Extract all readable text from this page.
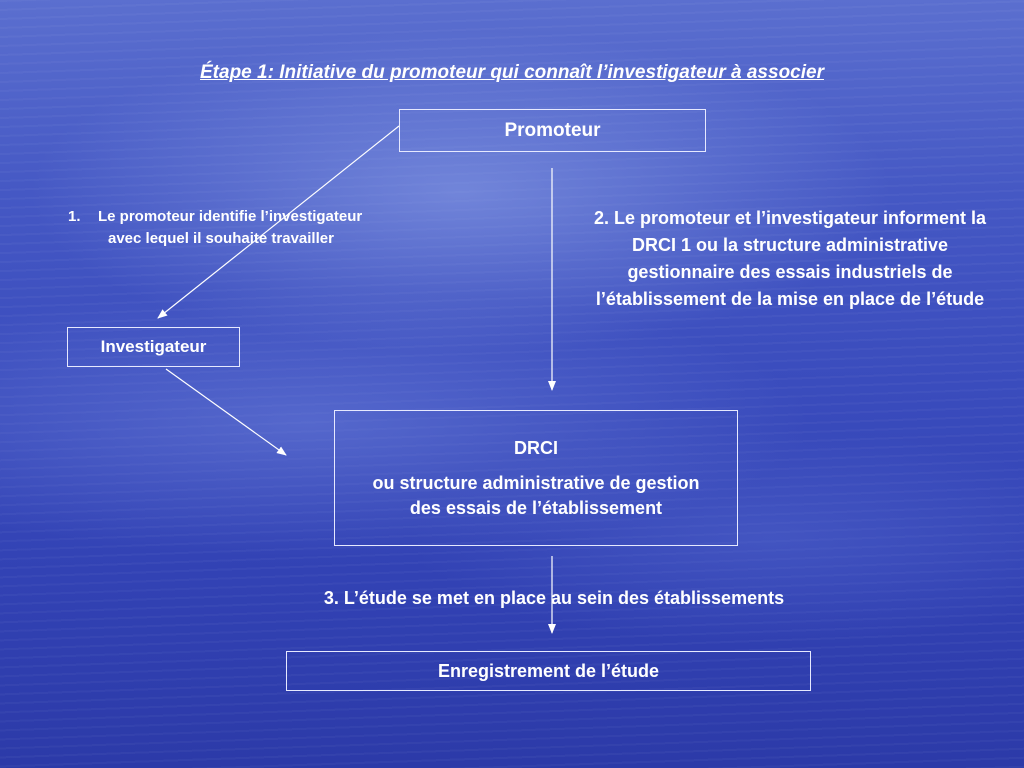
Étape 1: Initiative du promoteur qui connaît l’investigateur à associer
Promoteur
1. Le promoteur identifie l’investigateur
avec lequel il souhaite travailler
2. Le promoteur et l’investigateur informent la DRCI 1 ou la structure administrative gestionnaire des essais industriels de l’établissement de la mise en place de l’étude
Investigateur
DRCI
ou structure administrative de gestion des essais de l’établissement
3. L’étude se met en place au sein des établissements
Enregistrement de l’étude
